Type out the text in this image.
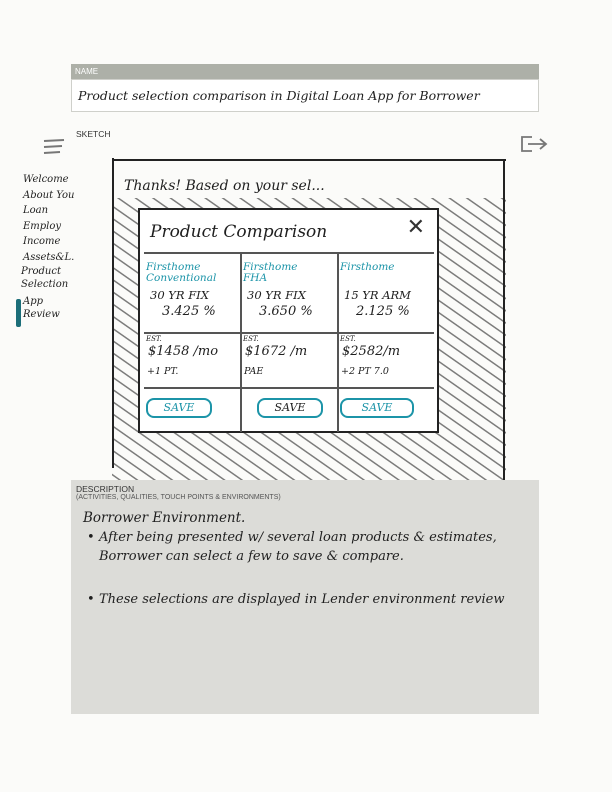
NAME
Product selection comparison in Digital Loan App for Borrower
SKETCH
Welcome
About You
Loan
Employ
Income
Assets&L.
Product Selection
App Review
Thanks! Based on your sel...
Product Comparison	✕
Firsthome Conventional
30 YR FIX
3.425 %
EST.
$1458 /mo
+1 PT.
SAVE
Firsthome FHA
30 YR FIX
3.650 %
EST.
$1672 /m
PAE
SAVE
Firsthome
15 YR ARM
2.125 %
EST.
$2582/m
+2 PT 7.0
SAVE
DESCRIPTION
(ACTIVITIES, QUALITIES, TOUCH POINTS & ENVIRONMENTS)
Borrower Environment.
• After being presented w/ several loan products & estimates, Borrower can select a few to save & compare.
• These selections are displayed in Lender environment review
